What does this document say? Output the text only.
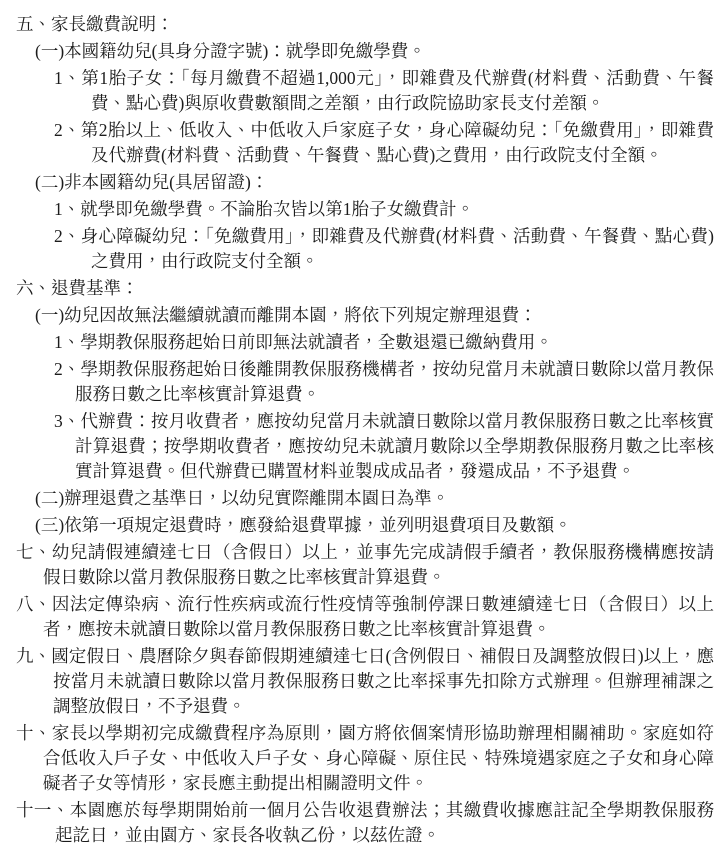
五、家長繳費說明：

(一)本國籍幼兒(具身分證字號)：就學即免繳學費。

1、第1胎子女：「每月繳費不超過1,000元」，即雜費及代辦費(材料費、活動費、午餐費、點心費)與原收費數額間之差額，由行政院協助家長支付差額。

2、第2胎以上、低收入、中低收入戶家庭子女，身心障礙幼兒：「免繳費用」，即雜費及代辦費(材料費、活動費、午餐費、點心費)之費用，由行政院支付全額。

(二)非本國籍幼兒(具居留證)：

1、就學即免繳學費。不論胎次皆以第1胎子女繳費計。

2、身心障礙幼兒：「免繳費用」，即雜費及代辦費(材料費、活動費、午餐費、點心費)之費用，由行政院支付全額。

六、退費基準：

(一)幼兒因故無法繼續就讀而離開本園，將依下列規定辦理退費：

1、學期教保服務起始日前即無法就讀者，全數退還已繳納費用。

2、學期教保服務起始日後離開教保服務機構者，按幼兒當月未就讀日數除以當月教保服務日數之比率核實計算退費。

3、代辦費：按月收費者，應按幼兒當月未就讀日數除以當月教保服務日數之比率核實計算退費；按學期收費者，應按幼兒未就讀月數除以全學期教保服務月數之比率核實計算退費。但代辦費已購置材料並製成成品者，發還成品，不予退費。

(二)辦理退費之基準日，以幼兒實際離開本園日為準。

(三)依第一項規定退費時，應發給退費單據，並列明退費項目及數額。

七、幼兒請假連續達七日（含假日）以上，並事先完成請假手續者，教保服務機構應按請假日數除以當月教保服務日數之比率核實計算退費。

八、因法定傳染病、流行性疾病或流行性疫情等強制停課日數連續達七日（含假日）以上者，應按未就讀日數除以當月教保服務日數之比率核實計算退費。

九、國定假日、農曆除夕與春節假期連續達七日(含例假日、補假日及調整放假日)以上，應按當月未就讀日數除以當月教保服務日數之比率採事先扣除方式辦理。但辦理補課之調整放假日，不予退費。

十、家長以學期初完成繳費程序為原則，園方將依個案情形協助辦理相關補助。家庭如符合低收入戶子女、中低收入戶子女、身心障礙、原住民、特殊境遇家庭之子女和身心障礙者子女等情形，家長應主動提出相關證明文件。

十一、本園應於每學期開始前一個月公告收退費辦法；其繳費收據應註記全學期教保服務起訖日，並由園方、家長各收執乙份，以茲佐證。
